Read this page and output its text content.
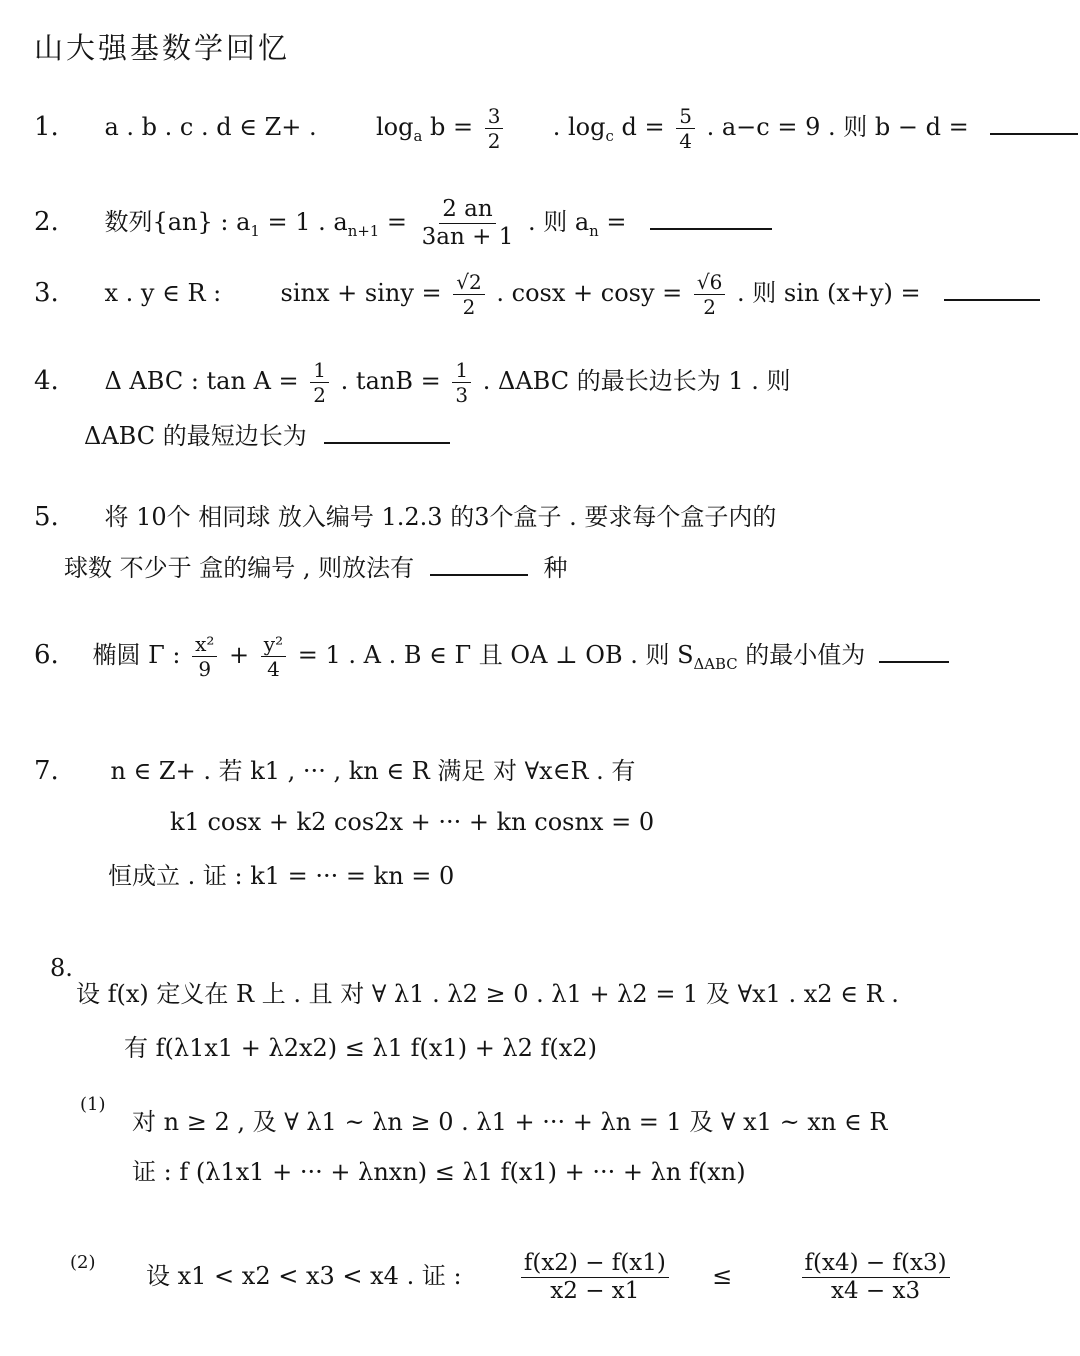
山大强基数学回忆
1. a . b . c . d ∈ Z+ . $\log_a b = \frac{3}{2}$ . $\log_c d = \frac{5}{4}$ . a−c = 9 . 则 b − d =
2. 数列{an} : $a_1 = 1$ . $a_{n+1} = \frac{2 an}{3an + 1}$ . 则 $a_n$ =
3. x . y ∈ R : $\sin x + \sin y = \frac{√2}{2}$ . $\cos x + \cos y = \frac{√6}{2}$ . 则 sin (x+y) =
4. Δ ABC : $\tan A = \frac{1}{2}$ . $\tan B = \frac{1}{3}$ . ΔABC 的最长边长为 1 . 则
ΔABC 的最短边长为
5. 将 10个 相同球 放入编号 1.2.3 的3个盒子 . 要求每个盒子内的
球数 不少于 盒的编号 , 则放法有	种
6. 椭圆 Γ : $\frac{\text{x²}}{9} + \frac{\text{y²}}{4} = 1$ . A . B ∈ Γ 且 OA ⊥ OB . 则 $S_{\Delta ABC}$ 的最小值为
7. n ∈ Z+ . 若 k1 , ··· , kn ∈ R 满足 对 ∀x∈R . 有
k1 cosx + k2 cos2x + ··· + kn cosnx = 0
恒成立 . 证 : k1 = ··· = kn = 0
8.
设 f(x) 定义在 R 上 . 且 对 ∀ λ1 . λ2 ≥ 0 . λ1 + λ2 = 1 及 ∀x1 . x2 ∈ R .
有 f(λ1x1 + λ2x2) ≤ λ1 f(x1) + λ2 f(x2)
(1)
对 n ≥ 2 , 及 ∀ λ1 ~ λn ≥ 0 . λ1 + ··· + λn = 1 及 ∀ x1 ~ xn ∈ R
证 : f (λ1x1 + ··· + λnxn) ≤ λ1 f(x1) + ··· + λn f(xn)
(2) 设 x1 < x2 < x3 < x4 . 证 :	$\frac{f(x2) - f(x1)}{x2 - x1}$ ≤	$\frac{f(x4) - f(x3)}{x4 - x3}$
